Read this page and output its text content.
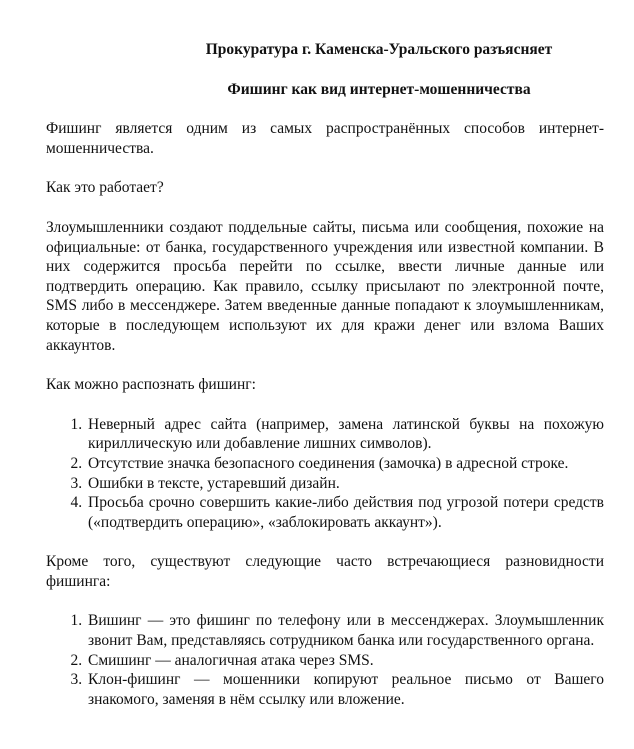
Прокуратура г. Каменска-Уральского разъясняет
Фишинг как вид интернет-мошенничества

Фишинг является одним из самых распространённых способов интернет-мошенничества.

Как это работает?

Злоумышленники создают поддельные сайты, письма или сообщения, похожие на официальные: от банка, государственного учреждения или известной компании. В них содержится просьба перейти по ссылке, ввести личные данные или подтвердить операцию. Как правило, ссылку присылают по электронной почте, SMS либо в мессенджере. Затем введенные данные попадают к злоумышленникам, которые в последующем используют их для кражи денег или взлома Ваших аккаунтов.

Как можно распознать фишинг:

1. Неверный адрес сайта (например, замена латинской буквы на похожую кириллическую или добавление лишних символов).
2. Отсутствие значка безопасного соединения (замочка) в адресной строке.
3. Ошибки в тексте, устаревший дизайн.
4. Просьба срочно совершить какие-либо действия под угрозой потери средств («подтвердить операцию», «заблокировать аккаунт»).

Кроме того, существуют следующие часто встречающиеся разновидности фишинга:

1. Вишинг — это фишинг по телефону или в мессенджерах. Злоумышленник звонит Вам, представляясь сотрудником банка или государственного органа.
2. Смишинг — аналогичная атака через SMS.
3. Клон-фишинг — мошенники копируют реальное письмо от Вашего знакомого, заменяя в нём ссылку или вложение.
